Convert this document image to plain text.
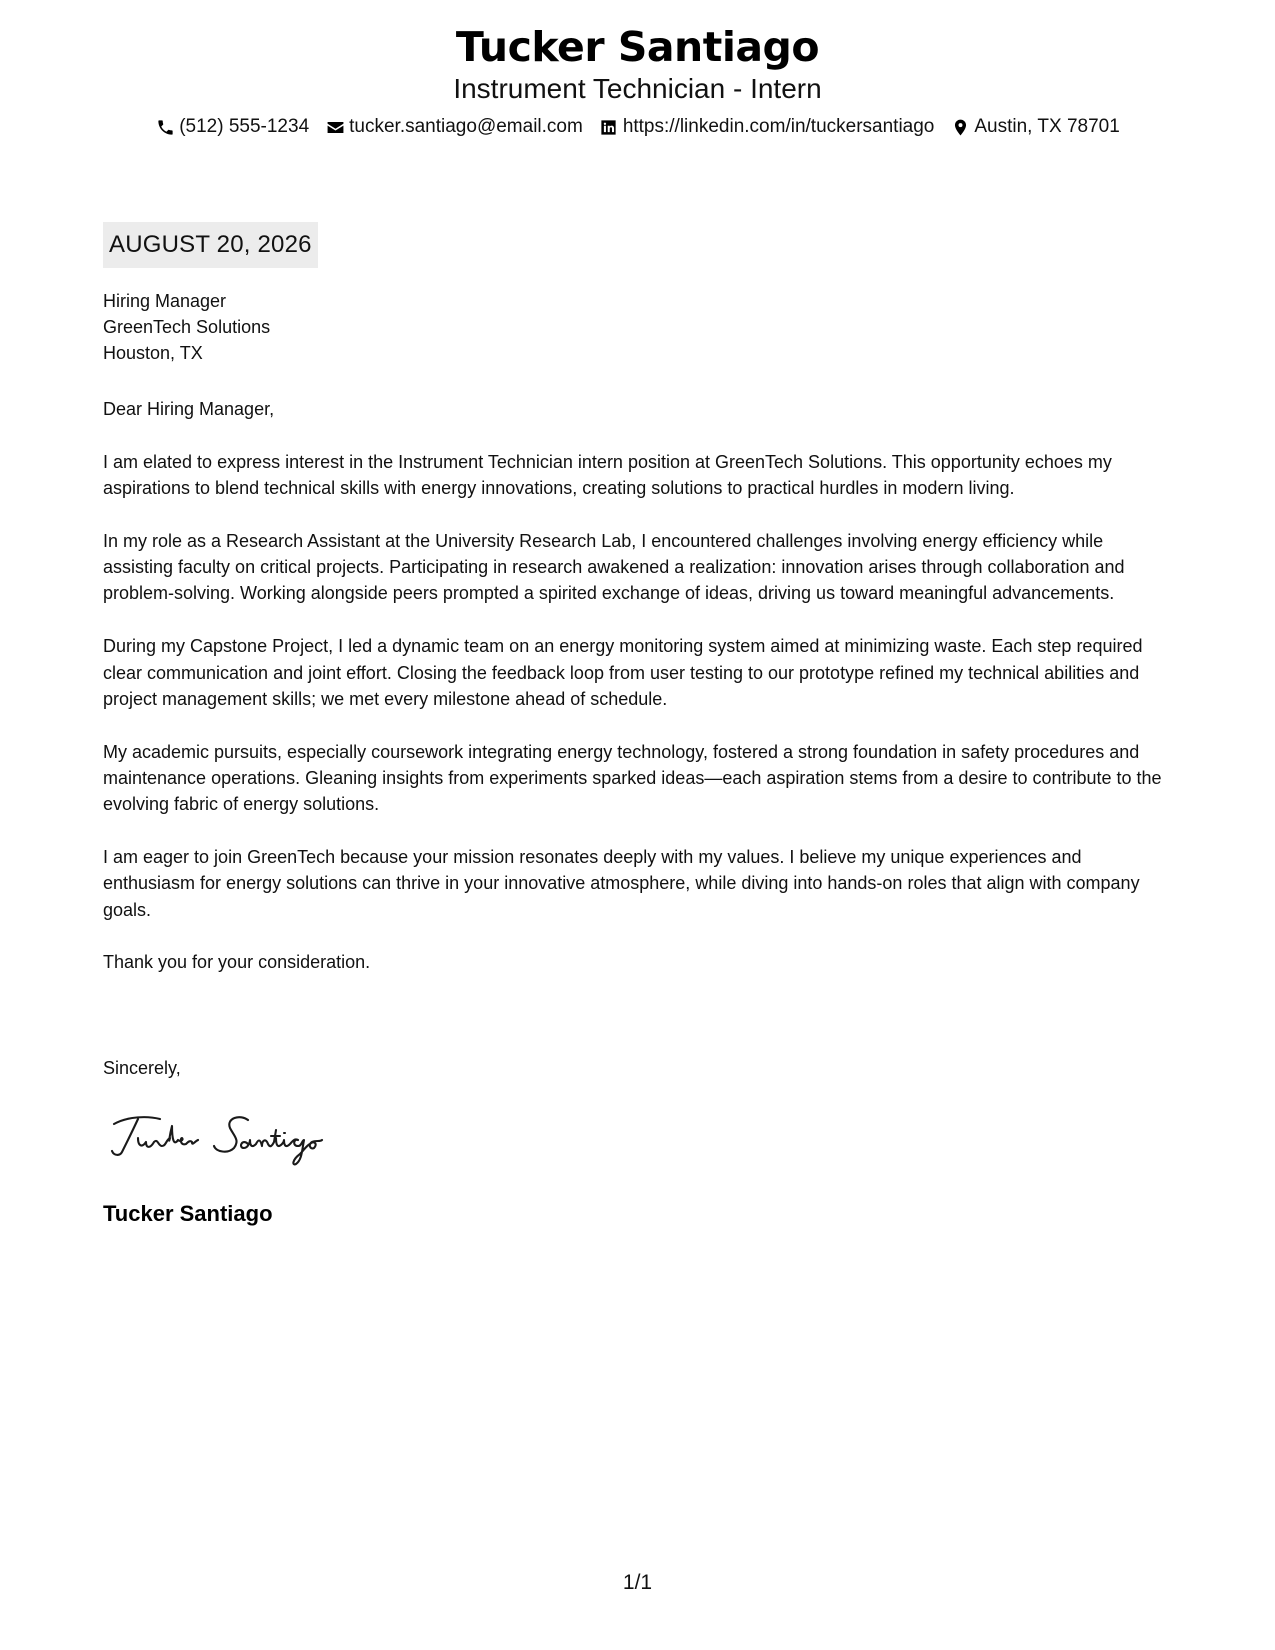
Tucker Santiago
Instrument Technician - Intern
(512) 555-1234 tucker.santiago@email.com https://linkedin.com/in/tuckersantiago Austin, TX 78701
AUGUST 20, 2026
Hiring Manager
GreenTech Solutions
Houston, TX

Dear Hiring Manager,

I am elated to express interest in the Instrument Technician intern position at GreenTech Solutions. This opportunity echoes my aspirations to blend technical skills with energy innovations, creating solutions to practical hurdles in modern living.

In my role as a Research Assistant at the University Research Lab, I encountered challenges involving energy efficiency while assisting faculty on critical projects. Participating in research awakened a realization: innovation arises through collaboration and problem-solving. Working alongside peers prompted a spirited exchange of ideas, driving us toward meaningful advancements.

During my Capstone Project, I led a dynamic team on an energy monitoring system aimed at minimizing waste. Each step required clear communication and joint effort. Closing the feedback loop from user testing to our prototype refined my technical abilities and project management skills; we met every milestone ahead of schedule.

My academic pursuits, especially coursework integrating energy technology, fostered a strong foundation in safety procedures and maintenance operations. Gleaning insights from experiments sparked ideas—each aspiration stems from a desire to contribute to the evolving fabric of energy solutions.

I am eager to join GreenTech because your mission resonates deeply with my values. I believe my unique experiences and enthusiasm for energy solutions can thrive in your innovative atmosphere, while diving into hands-on roles that align with company goals.

Thank you for your consideration.

Sincerely,
Tucker Santiago
1/1
